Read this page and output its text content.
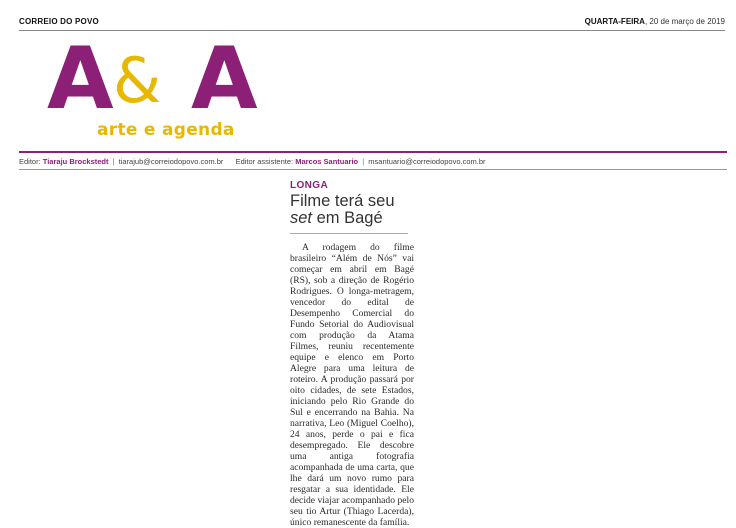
CORREIO DO POVO	QUARTA-FEIRA, 20 de março de 2019
A & A
arte e agenda
Editor: Tiaraju Brockstedt | tiarajub@correiodopovo.com.br Editor assistente: Marcos Santuario | msantuario@correiodopovo.com.br
LONGA
Filme terá seu
set em Bagé

A rodagem do filme brasileiro “Além de Nós” vai começar em abril em Bagé (RS), sob a direção de Rogério Rodrigues. O longa-metragem, vencedor do edital de Desempenho Comercial do Fundo Setorial do Audiovisual com produção da Atama Filmes, reuniu recentemente equipe e elenco em Porto Alegre para uma leitura de roteiro. A produção passará por oito cidades, de sete Estados, iniciando pelo Rio Grande do Sul e encerrando na Bahia. Na narrativa, Leo (Miguel Coelho), 24 anos, perde o pai e fica desempregado. Ele descobre uma antiga fotografia acompanhada de uma carta, que lhe dará um novo rumo para resgatar a sua identidade. Ele decide viajar acompanhado pelo seu tio Artur (Thiago Lacerda), único remanescente da família.
